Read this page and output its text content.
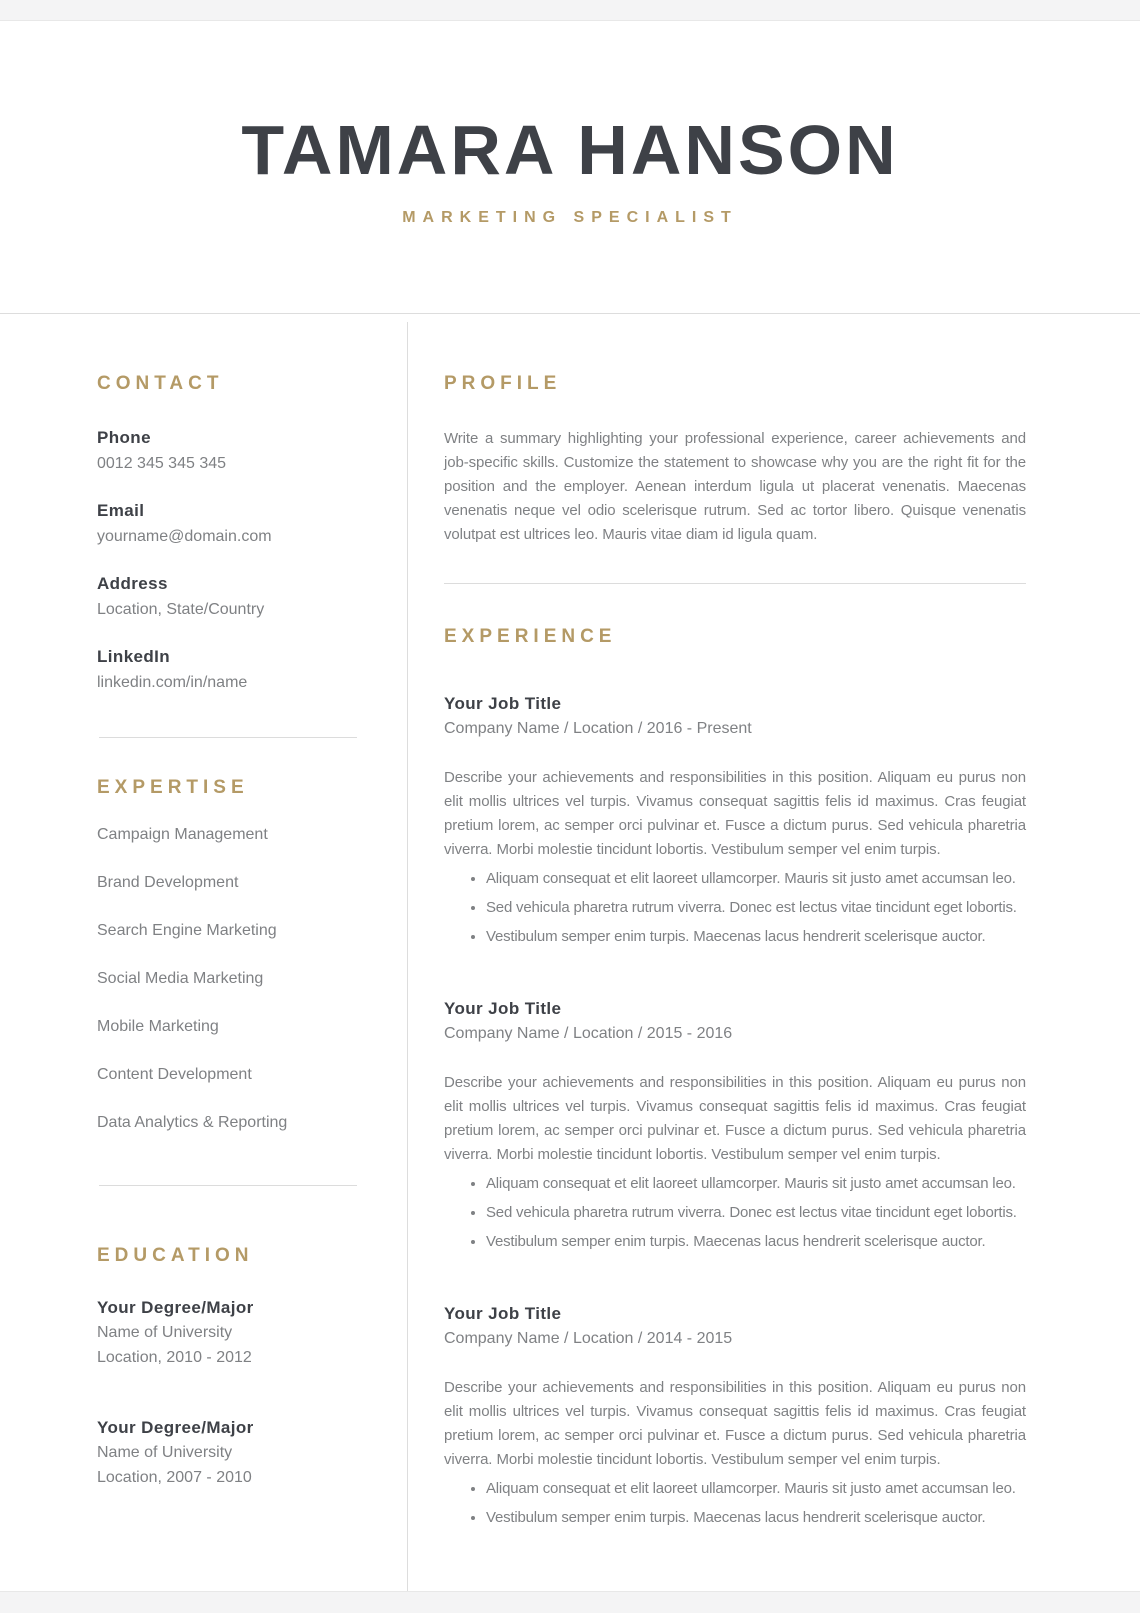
TAMARA HANSON
MARKETING SPECIALIST
CONTACT
Phone
0012 345 345 345
Email
yourname@domain.com
Address
Location, State/Country
LinkedIn
linkedin.com/in/name
EXPERTISE
Campaign Management
Brand Development
Search Engine Marketing
Social Media Marketing
Mobile Marketing
Content Development
Data Analytics & Reporting
EDUCATION
Your Degree/Major
Name of University
Location, 2010 - 2012
Your Degree/Major
Name of University
Location, 2007 - 2010
PROFILE

Write a summary highlighting your professional experience, career achievements and job-specific skills. Customize the statement to showcase why you are the right fit for the position and the employer. Aenean interdum ligula ut placerat venenatis. Maecenas venenatis neque vel odio scelerisque rutrum. Sed ac tortor libero. Quisque venenatis volutpat est ultrices leo. Mauris vitae diam id ligula quam.

EXPERIENCE
Your Job Title
Company Name / Location / 2016 - Present

Describe your achievements and responsibilities in this position. Aliquam eu purus non elit mollis ultrices vel turpis. Vivamus consequat sagittis felis id maximus. Cras feugiat pretium lorem, ac semper orci pulvinar et. Fusce a dictum purus. Sed vehicula pharetria viverra. Morbi molestie tincidunt lobortis. Vestibulum semper vel enim turpis.

• Aliquam consequat et elit laoreet ullamcorper. Mauris sit justo amet accumsan leo.
• Sed vehicula pharetra rutrum viverra. Donec est lectus vitae tincidunt eget lobortis.
• Vestibulum semper enim turpis. Maecenas lacus hendrerit scelerisque auctor.
Your Job Title
Company Name / Location / 2015 - 2016

Describe your achievements and responsibilities in this position. Aliquam eu purus non elit mollis ultrices vel turpis. Vivamus consequat sagittis felis id maximus. Cras feugiat pretium lorem, ac semper orci pulvinar et. Fusce a dictum purus. Sed vehicula pharetria viverra. Morbi molestie tincidunt lobortis. Vestibulum semper vel enim turpis.

• Aliquam consequat et elit laoreet ullamcorper. Mauris sit justo amet accumsan leo.
• Sed vehicula pharetra rutrum viverra. Donec est lectus vitae tincidunt eget lobortis.
• Vestibulum semper enim turpis. Maecenas lacus hendrerit scelerisque auctor.
Your Job Title
Company Name / Location / 2014 - 2015

Describe your achievements and responsibilities in this position. Aliquam eu purus non elit mollis ultrices vel turpis. Vivamus consequat sagittis felis id maximus. Cras feugiat pretium lorem, ac semper orci pulvinar et. Fusce a dictum purus. Sed vehicula pharetria viverra. Morbi molestie tincidunt lobortis. Vestibulum semper vel enim turpis.

• Aliquam consequat et elit laoreet ullamcorper. Mauris sit justo amet accumsan leo.
• Vestibulum semper enim turpis. Maecenas lacus hendrerit scelerisque auctor.
